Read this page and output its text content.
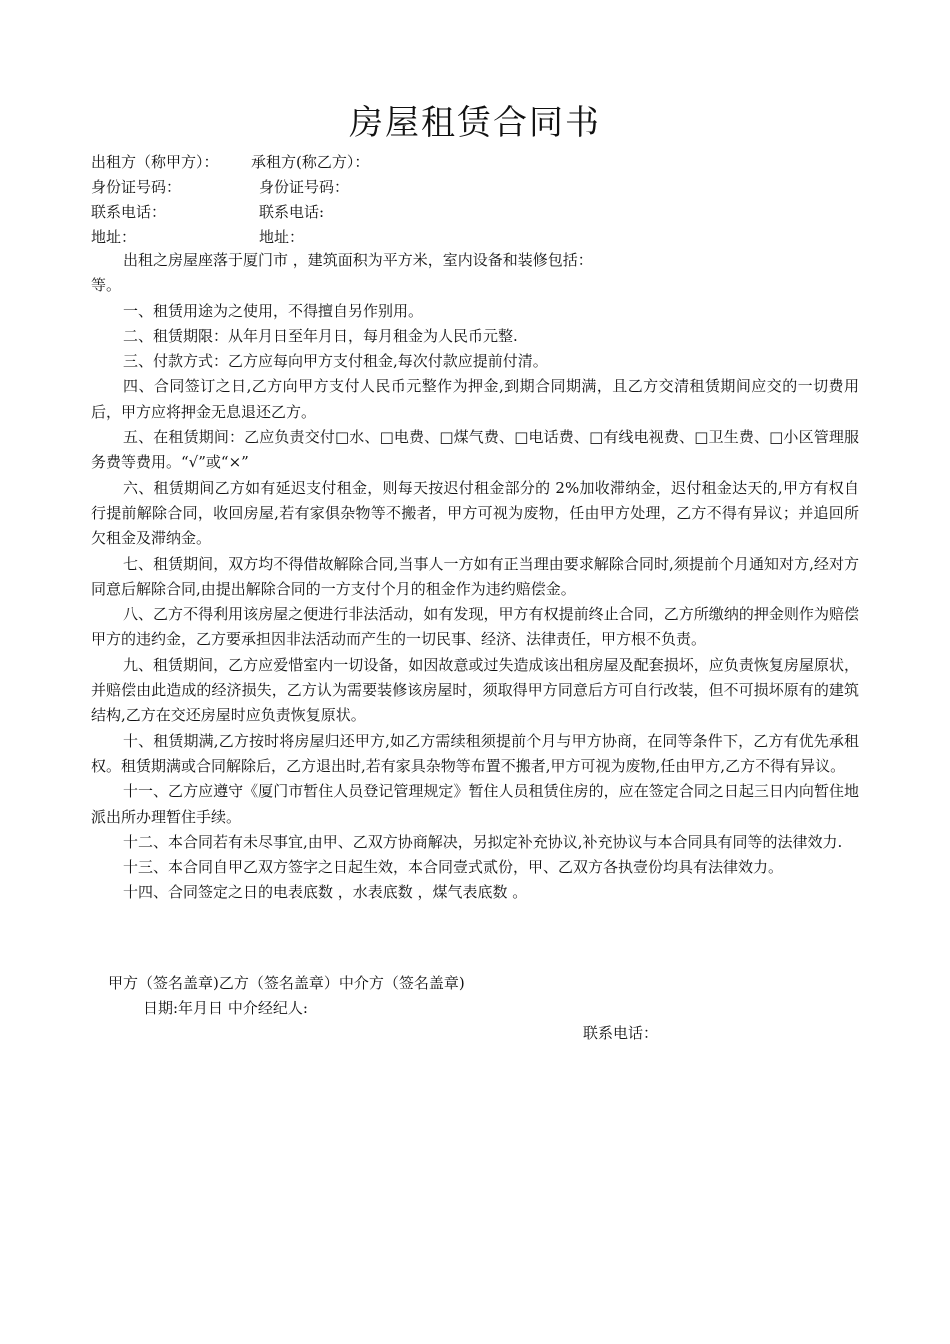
房屋租赁合同书
出租方（称甲方）： 承租方(称乙方）：
身份证号码：	身份证号码：
联系电话：	联系电话:
地址：	地址：

出租之房屋座落于厦门市 ，建筑面积为平方米，室内设备和装修包括：

等。

一、租赁用途为之使用，不得擅自另作别用。

二、租赁期限：从年月日至年月日，每月租金为人民币元整.

三、付款方式：乙方应每向甲方支付租金,每次付款应提前付清。

四、合同签订之日,乙方向甲方支付人民币元整作为押金,到期合同期满，且乙方交清租赁期间应交的一切费用后，甲方应将押金无息退还乙方。

五、在租赁期间：乙应负责交付□水、□电费、□煤气费、□电话费、□有线电视费、□卫生费、□小区管理服务费等费用。“√”或“×”

六、租赁期间乙方如有延迟支付租金，则每天按迟付租金部分的 2%加收滞纳金，迟付租金达天的,甲方有权自行提前解除合同，收回房屋,若有家俱杂物等不搬者，甲方可视为废物，任由甲方处理，乙方不得有异议；并追回所欠租金及滞纳金。

七、租赁期间，双方均不得借故解除合同,当事人一方如有正当理由要求解除合同时,须提前个月通知对方,经对方同意后解除合同,由提出解除合同的一方支付个月的租金作为违约赔偿金。

八、乙方不得利用该房屋之便进行非法活动，如有发现，甲方有权提前终止合同，乙方所缴纳的押金则作为赔偿甲方的违约金，乙方要承担因非法活动而产生的一切民事、经济、法律责任，甲方根不负责。

九、租赁期间，乙方应爱惜室内一切设备，如因故意或过失造成该出租房屋及配套损坏，应负责恢复房屋原状，并赔偿由此造成的经济损失，乙方认为需要装修该房屋时，须取得甲方同意后方可自行改装，但不可损坏原有的建筑结构,乙方在交还房屋时应负责恢复原状。

十、租赁期满,乙方按时将房屋归还甲方,如乙方需续租须提前个月与甲方协商，在同等条件下，乙方有优先承租权。租赁期满或合同解除后，乙方退出时,若有家具杂物等布置不搬者,甲方可视为废物,任由甲方,乙方不得有异议。

十一、乙方应遵守《厦门市暂住人员登记管理规定》暂住人员租赁住房的，应在签定合同之日起三日内向暂住地派出所办理暂住手续。

十二、本合同若有未尽事宜,由甲、乙双方协商解决，另拟定补充协议,补充协议与本合同具有同等的法律效力.

十三、本合同自甲乙双方签字之日起生效，本合同壹式贰份，甲、乙双方各执壹份均具有法律效力。

十四、合同签定之日的电表底数 ，水表底数 ，煤气表底数 。

甲方（签名盖章)乙方（签名盖章）中介方（签名盖章)
日期:年月日 中介经纪人:
联系电话：
